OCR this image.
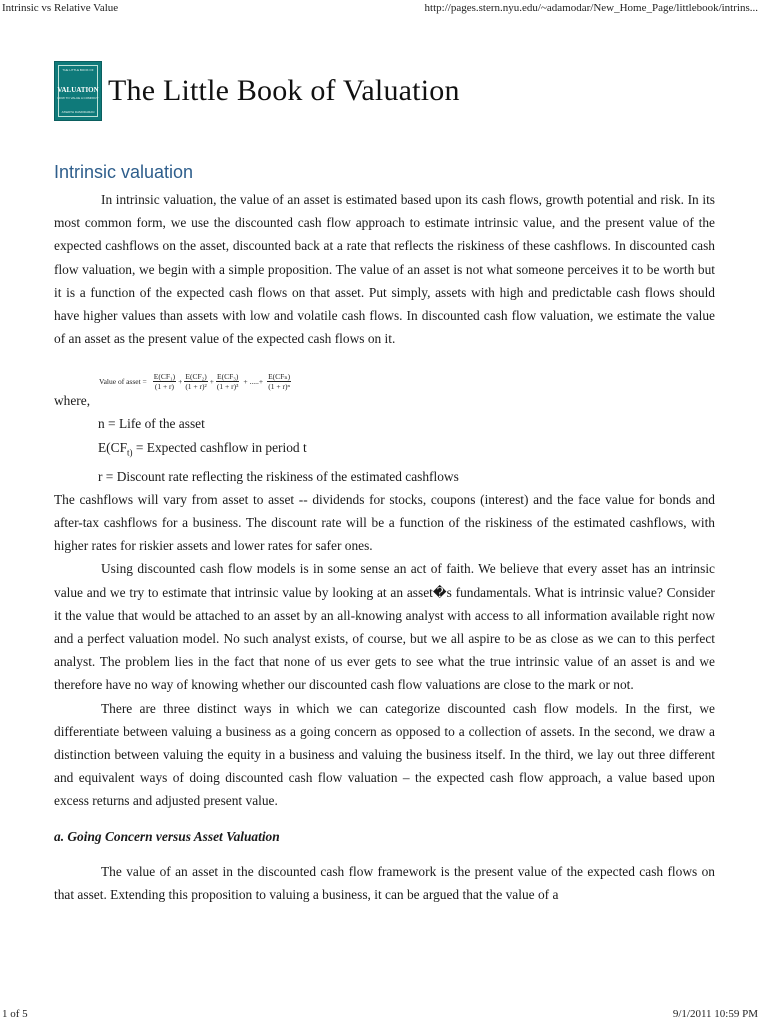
Intrinsic vs Relative Value	http://pages.stern.nyu.edu/~adamodar/New_Home_Page/littlebook/intrins...
THE LITTLE BOOK OF
VALUATION
HOW TO VALUE A COMPANY
ASWATH DAMODARAN
The Little Book of Valuation
Intrinsic valuation

In intrinsic valuation, the value of an asset is estimated based upon its cash flows, growth potential and risk. In its most common form, we use the discounted cash flow approach to estimate intrinsic value, and the present value of the expected cashflows on the asset, discounted back at a rate that reflects the riskiness of these cashflows. In discounted cash flow valuation, we begin with a simple proposition. The value of an asset is not what someone perceives it to be worth but it is a function of the expected cash flows on that asset. Put simply, assets with high and predictable cash flows should have higher values than assets with low and volatile cash flows. In discounted cash flow valuation, we estimate the value of an asset as the present value of the expected cash flows on it.

Value of asset = $\frac{\text{E(CF₁)}}{(1 + r)} + \frac{\text{E(CF₂)}}{\text{(1 + r)²}} + \frac{\text{E(CF₃)}}{\text{(1 + r)³}}$ + .....+ $\frac{\text{E(CFₙ)}}{\text{(1 + r)ⁿ}}$
where,
n = Life of the asset
$E(CF_{t)}$ = Expected cashflow in period t
r = Discount rate reflecting the riskiness of the estimated cashflows

The cashflows will vary from asset to asset -- dividends for stocks, coupons (interest) and the face value for bonds and after-tax cashflows for a business. The discount rate will be a function of the riskiness of the estimated cashflows, with higher rates for riskier assets and lower rates for safer ones.

Using discounted cash flow models is in some sense an act of faith. We believe that every asset has an intrinsic value and we try to estimate that intrinsic value by looking at an asset�s fundamentals. What is intrinsic value? Consider it the value that would be attached to an asset by an all-knowing analyst with access to all information available right now and a perfect valuation model. No such analyst exists, of course, but we all aspire to be as close as we can to this perfect analyst. The problem lies in the fact that none of us ever gets to see what the true intrinsic value of an asset is and we therefore have no way of knowing whether our discounted cash flow valuations are close to the mark or not.

There are three distinct ways in which we can categorize discounted cash flow models. In the first, we differentiate between valuing a business as a going concern as opposed to a collection of assets. In the second, we draw a distinction between valuing the equity in a business and valuing the business itself. In the third, we lay out three different and equivalent ways of doing discounted cash flow valuation – the expected cash flow approach, a value based upon excess returns and adjusted present value.

a. Going Concern versus Asset Valuation

The value of an asset in the discounted cash flow framework is the present value of the expected cash flows on that asset. Extending this proposition to valuing a business, it can be argued that the value of a

1 of 5	9/1/2011 10:59 PM
